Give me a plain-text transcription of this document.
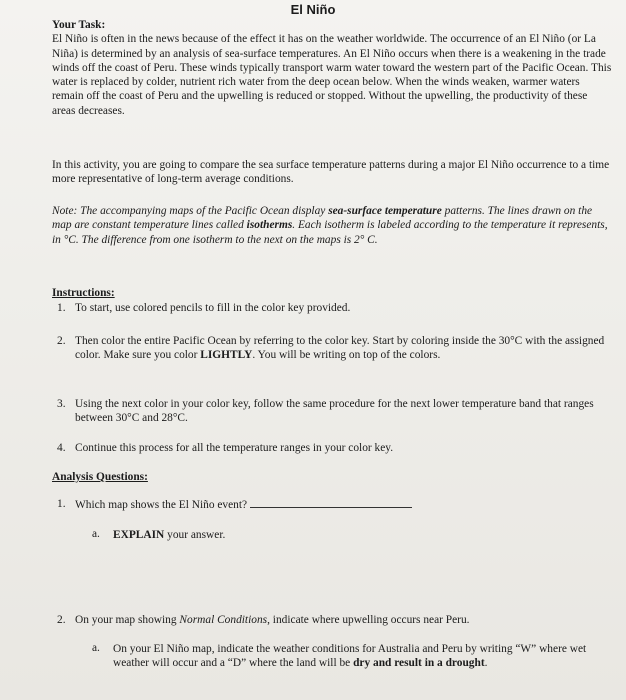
El Niño
Your Task:
El Niño is often in the news because of the effect it has on the weather worldwide. The occurrence of an El Niño (or La Niña) is determined by an analysis of sea-surface temperatures. An El Niño occurs when there is a weakening in the trade winds off the coast of Peru. These winds typically transport warm water toward the western part of the Pacific Ocean. This water is replaced by colder, nutrient rich water from the deep ocean below. When the winds weaken, warmer waters remain off the coast of Peru and the upwelling is reduced or stopped. Without the upwelling, the productivity of these areas decreases.
In this activity, you are going to compare the sea surface temperature patterns during a major El Niño occurrence to a time more representative of long-term average conditions.
Note: The accompanying maps of the Pacific Ocean display sea-surface temperature patterns. The lines drawn on the map are constant temperature lines called isotherms. Each isotherm is labeled according to the temperature it represents, in °C. The difference from one isotherm to the next on the maps is 2° C.
Instructions:
1. To start, use colored pencils to fill in the color key provided.
2. Then color the entire Pacific Ocean by referring to the color key. Start by coloring inside the 30°C with the assigned color. Make sure you color LIGHTLY. You will be writing on top of the colors.
3. Using the next color in your color key, follow the same procedure for the next lower temperature band that ranges between 30°C and 28°C.
4. Continue this process for all the temperature ranges in your color key.
Analysis Questions:
1. Which map shows the El Niño event?
a. EXPLAIN your answer.
2. On your map showing Normal Conditions, indicate where upwelling occurs near Peru.
a. On your El Niño map, indicate the weather conditions for Australia and Peru by writing “W” where wet weather will occur and a “D” where the land will be dry and result in a drought.
